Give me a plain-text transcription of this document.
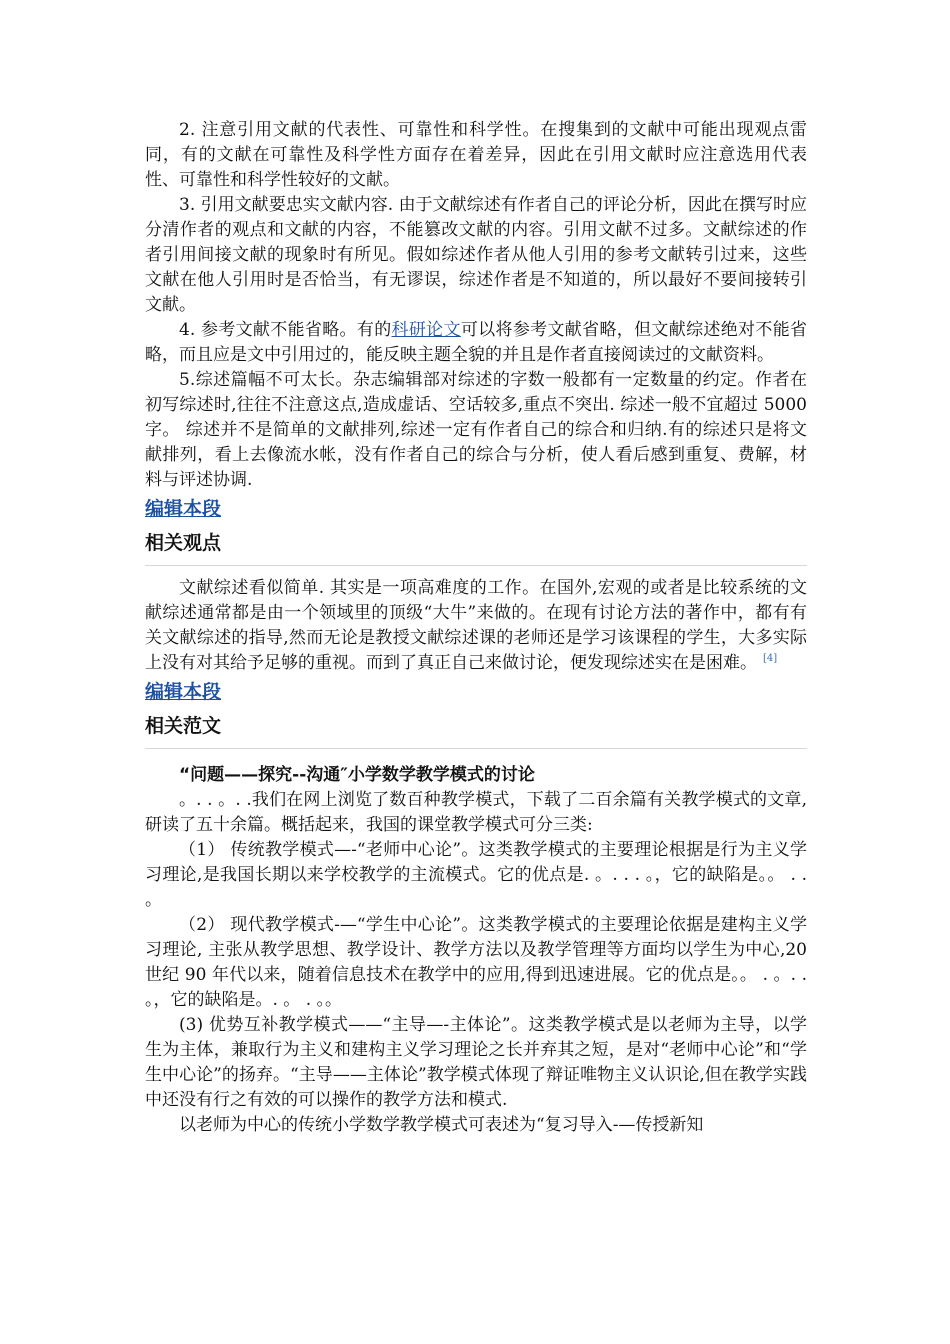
2. 注意引用文献的代表性、可靠性和科学性。在搜集到的文献中可能出现观点雷同，有的文献在可靠性及科学性方面存在着差异，因此在引用文献时应注意选用代表性、可靠性和科学性较好的文献。

3. 引用文献要忠实文献内容. 由于文献综述有作者自己的评论分析，因此在撰写时应分清作者的观点和文献的内容，不能篡改文献的内容。引用文献不过多。文献综述的作者引用间接文献的现象时有所见。假如综述作者从他人引用的参考文献转引过来，这些文献在他人引用时是否恰当，有无谬误，综述作者是不知道的，所以最好不要间接转引文献。

4. 参考文献不能省略。有的科研论文可以将参考文献省略，但文献综述绝对不能省略，而且应是文中引用过的，能反映主题全貌的并且是作者直接阅读过的文献资料。

5.综述篇幅不可太长。杂志编辑部对综述的字数一般都有一定数量的约定。作者在初写综述时,往往不注意这点,造成虚话、空话较多,重点不突出. 综述一般不宜超过 5000 字。 综述并不是简单的文献排列,综述一定有作者自己的综合和归纳.有的综述只是将文献排列，看上去像流水帐，没有作者自己的综合与分析，使人看后感到重复、费解，材料与评述协调.

编辑本段
相关观点

文献综述看似简单. 其实是一项高难度的工作。在国外,宏观的或者是比较系统的文献综述通常都是由一个领域里的顶级“大牛”来做的。在现有讨论方法的著作中，都有有关文献综述的指导,然而无论是教授文献综述课的老师还是学习该课程的学生，大多实际上没有对其给予足够的重视。而到了真正自己来做讨论，便发现综述实在是困难。 [4]

编辑本段
相关范文

“问题——探究--沟通″小学数学教学模式的讨论

。. . 。. .我们在网上浏览了数百种教学模式，下载了二百余篇有关教学模式的文章,研读了五十余篇。概括起来，我国的课堂教学模式可分三类:

（1） 传统教学模式—-“老师中心论”。这类教学模式的主要理论根据是行为主义学习理论,是我国长期以来学校教学的主流模式。它的优点是. 。. . . 。，它的缺陷是。。 . . 。

（2） 现代教学模式-—“学生中心论”。这类教学模式的主要理论依据是建构主义学习理论, 主张从教学思想、教学设计、教学方法以及教学管理等方面均以学生为中心,20 世纪 90 年代以来，随着信息技术在教学中的应用,得到迅速进展。它的优点是。。 . 。. . 。，它的缺陷是。. 。 . 。。

(3) 优势互补教学模式——“主导—-主体论”。这类教学模式是以老师为主导，以学生为主体，兼取行为主义和建构主义学习理论之长并弃其之短，是对“老师中心论”和“学生中心论”的扬弃。“主导——主体论”教学模式体现了辩证唯物主义认识论,但在教学实践中还没有行之有效的可以操作的教学方法和模式.

以老师为中心的传统小学数学教学模式可表述为“复习导入-—传授新知
